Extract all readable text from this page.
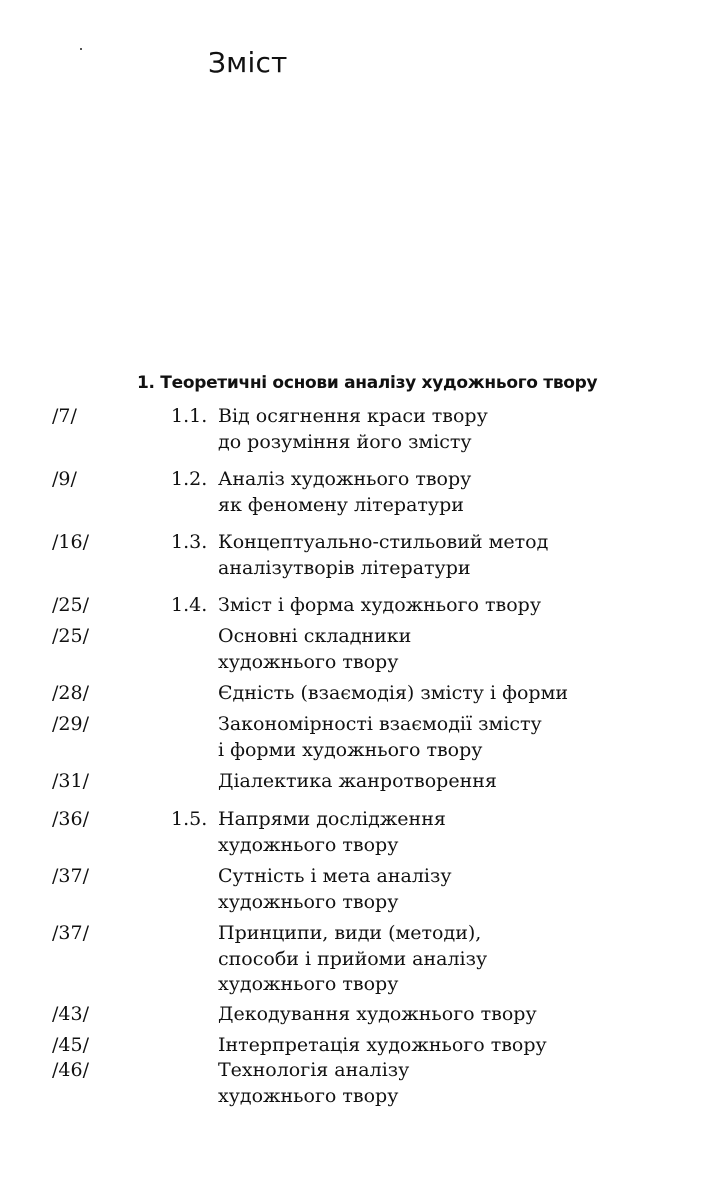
Зміст
1. Теоретичні основи аналізу художнього твору
/7/	1.1. Від осягнення краси твору
до розуміння його змісту
/9/	1.2. Аналіз художнього твору
як феномену літератури
/16/	1.3. Концептуально-стильовий метод
аналізутворів літератури
/25/	1.4. Зміст і форма художнього твору
/25/	Основні складники
художнього твору
/28/	Єдність (взаємодія) змісту і форми
/29/	Закономірності взаємодії змісту
і форми художнього твору
/31/	Діалектика жанротворення
/36/	1.5. Напрями дослідження
художнього твору
/37/	Сутність і мета аналізу
художнього твору
/37/	Принципи, види (методи),
способи і прийоми аналізу
художнього твору
/43/	Декодування художнього твору
/45/	Інтерпретація художнього твору
/46/	Технологія аналізу
художнього твору
